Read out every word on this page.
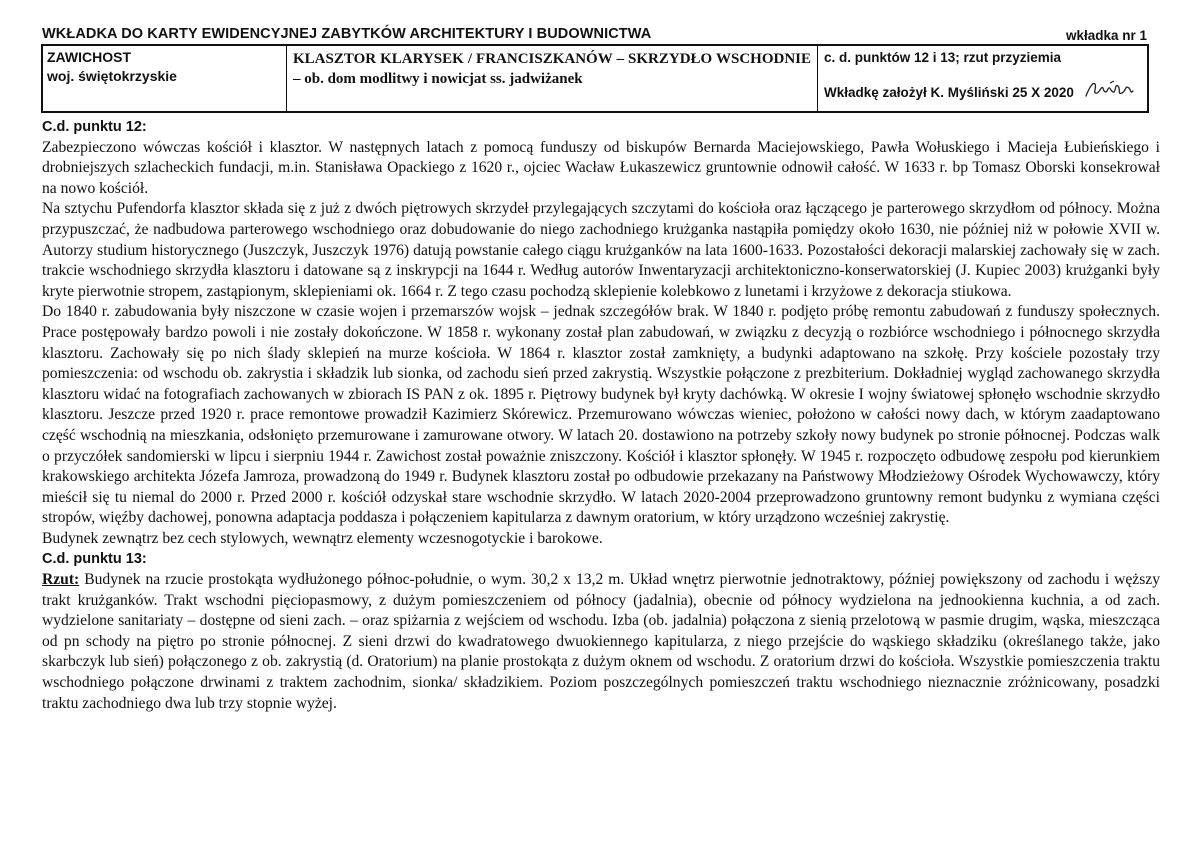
WKŁADKA DO KARTY EWIDENCYJNEJ ZABYTKÓW ARCHITEKTURY I BUDOWNICTWA	wkładka nr 1
ZAWICHOST
woj. świętokrzyskie
KLASZTOR KLARYSEK / FRANCISZKANÓW – SKRZYDŁO WSCHODNIE – ob. dom modlitwy i nowicjat ss. jadwiżanek
c. d. punktów 12 i 13; rzut przyziemia
Wkładkę założył K. Myśliński 25 X 2020
C.d. punktu 12:

Zabezpieczono wówczas kościół i klasztor. W następnych latach z pomocą funduszy od biskupów Bernarda Maciejowskiego, Pawła Wołuskiego i Macieja Łubieńskiego i drobniejszych szlacheckich fundacji, m.in. Stanisława Opackiego z 1620 r., ojciec Wacław Łukaszewicz gruntownie odnowił całość. W 1633 r. bp Tomasz Oborski konsekrował na nowo kościół.

Na sztychu Pufendorfa klasztor składa się z już z dwóch piętrowych skrzydeł przylegających szczytami do kościoła oraz łączącego je parterowego skrzydłom od północy. Można przypuszczać, że nadbudowa parterowego wschodniego oraz dobudowanie do niego zachodniego krużganka nastąpiła pomiędzy około 1630, nie później niż w połowie XVII w. Autorzy studium historycznego (Juszczyk, Juszczyk 1976) datują powstanie całego ciągu krużganków na lata 1600-1633. Pozostałości dekoracji malarskiej zachowały się w zach. trakcie wschodniego skrzydła klasztoru i datowane są z inskrypcji na 1644 r. Według autorów Inwentaryzacji architektoniczno-konserwatorskiej (J. Kupiec 2003) krużganki były kryte pierwotnie stropem, zastąpionym, sklepieniami ok. 1664 r. Z tego czasu pochodzą sklepienie kolebkowo z lunetami i krzyżowe z dekoracja stiukowa.

Do 1840 r. zabudowania były niszczone w czasie wojen i przemarszów wojsk – jednak szczegółów brak. W 1840 r. podjęto próbę remontu zabudowań z funduszy społecznych. Prace postępowały bardzo powoli i nie zostały dokończone. W 1858 r. wykonany został plan zabudowań, w związku z decyzją o rozbiórce wschodniego i północnego skrzydła klasztoru. Zachowały się po nich ślady sklepień na murze kościoła. W 1864 r. klasztor został zamknięty, a budynki adaptowano na szkołę. Przy kościele pozostały trzy pomieszczenia: od wschodu ob. zakrystia i składzik lub sionka, od zachodu sień przed zakrystią. Wszystkie połączone z prezbiterium. Dokładniej wygląd zachowanego skrzydła klasztoru widać na fotografiach zachowanych w zbiorach IS PAN z ok. 1895 r. Piętrowy budynek był kryty dachówką. W okresie I wojny światowej spłonęło wschodnie skrzydło klasztoru. Jeszcze przed 1920 r. prace remontowe prowadził Kazimierz Skórewicz. Przemurowano wówczas wieniec, położono w całości nowy dach, w którym zaadaptowano część wschodnią na mieszkania, odsłonięto przemurowane i zamurowane otwory. W latach 20. dostawiono na potrzeby szkoły nowy budynek po stronie północnej. Podczas walk o przyczółek sandomierski w lipcu i sierpniu 1944 r. Zawichost został poważnie zniszczony. Kościół i klasztor spłonęły. W 1945 r. rozpoczęto odbudowę zespołu pod kierunkiem krakowskiego architekta Józefa Jamroza, prowadzoną do 1949 r. Budynek klasztoru został po odbudowie przekazany na Państwowy Młodzieżowy Ośrodek Wychowawczy, który mieścił się tu niemal do 2000 r. Przed 2000 r. kościół odzyskał stare wschodnie skrzydło. W latach 2020-2004 przeprowadzono gruntowny remont budynku z wymiana części stropów, więźby dachowej, ponowna adaptacja poddasza i połączeniem kapitularza z dawnym oratorium, w który urządzono wcześniej zakrystię.

Budynek zewnątrz bez cech stylowych, wewnątrz elementy wczesnogotyckie i barokowe.

C.d. punktu 13:

Rzut: Budynek na rzucie prostokąta wydłużonego północ-południe, o wym. 30,2 x 13,2 m. Układ wnętrz pierwotnie jednotraktowy, później powiększony od zachodu i węższy trakt krużganków. Trakt wschodni pięciopasmowy, z dużym pomieszczeniem od północy (jadalnia), obecnie od północy wydzielona na jednookienna kuchnia, a od zach. wydzielone sanitariaty – dostępne od sieni zach. – oraz spiżarnia z wejściem od wschodu. Izba (ob. jadalnia) połączona z sienią przelotową w pasmie drugim, wąska, mieszcząca od pn schody na piętro po stronie północnej. Z sieni drzwi do kwadratowego dwuokiennego kapitularza, z niego przejście do wąskiego składziku (określanego także, jako skarbczyk lub sień) połączonego z ob. zakrystią (d. Oratorium) na planie prostokąta z dużym oknem od wschodu. Z oratorium drzwi do kościoła. Wszystkie pomieszczenia traktu wschodniego połączone drwinami z traktem zachodnim, sionka/ składzikiem. Poziom poszczególnych pomieszczeń traktu wschodniego nieznacznie zróżnicowany, posadzki traktu zachodniego dwa lub trzy stopnie wyżej.
